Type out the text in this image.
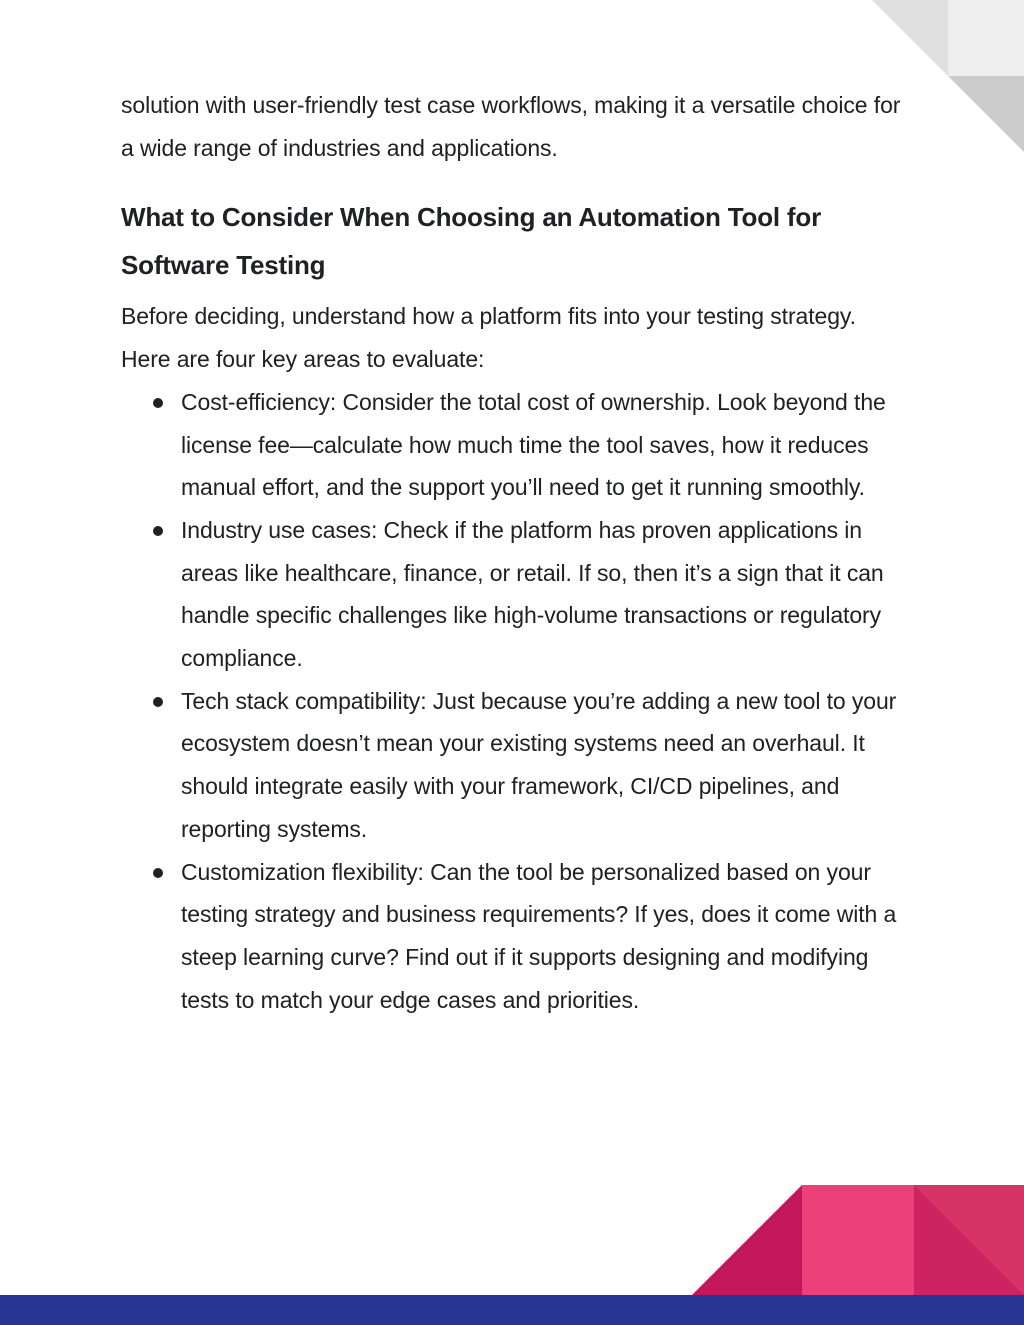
solution with user-friendly test case workflows, making it a versatile choice for a wide range of industries and applications.

What to Consider When Choosing an Automation Tool for Software Testing

Before deciding, understand how a platform fits into your testing strategy. Here are four key areas to evaluate:

Cost-efficiency: Consider the total cost of ownership. Look beyond the license fee—calculate how much time the tool saves, how it reduces manual effort, and the support you’ll need to get it running smoothly.
Industry use cases: Check if the platform has proven applications in areas like healthcare, finance, or retail. If so, then it’s a sign that it can handle specific challenges like high-volume transactions or regulatory compliance.
Tech stack compatibility: Just because you’re adding a new tool to your ecosystem doesn’t mean your existing systems need an overhaul. It should integrate easily with your framework, CI/CD pipelines, and reporting systems.
Customization flexibility: Can the tool be personalized based on your testing strategy and business requirements? If yes, does it come with a steep learning curve? Find out if it supports designing and modifying tests to match your edge cases and priorities.
